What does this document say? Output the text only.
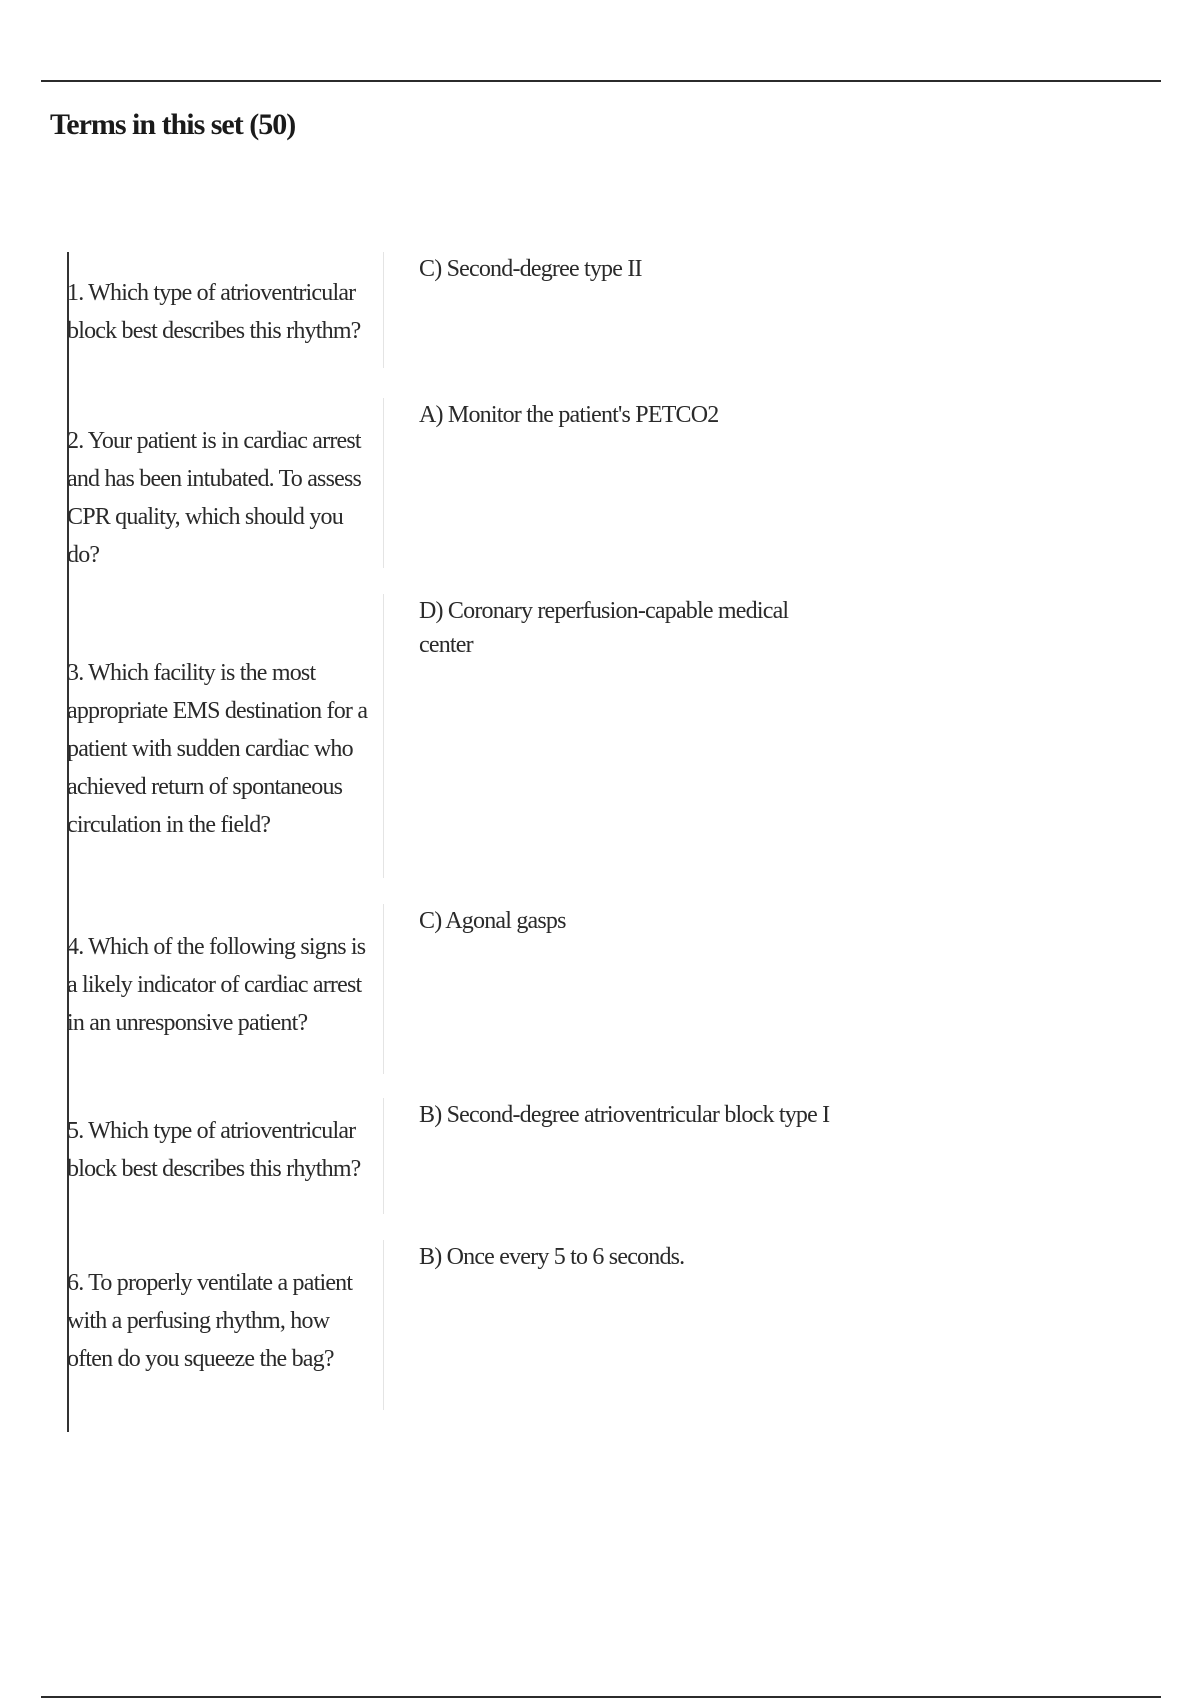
Terms in this set (50)
1. Which type of atrioventricular block best describes this rhythm?
C) Second-degree type II
2. Your patient is in cardiac arrest and has been intubated. To assess CPR quality, which should you do?
A) Monitor the patient's PETCO2
3. Which facility is the most appropriate EMS destination for a patient with sudden cardiac who achieved return of spontaneous circulation in the field?
D) Coronary reperfusion-capable medical center
4. Which of the following signs is a likely indicator of cardiac arrest in an unresponsive patient?
C) Agonal gasps
5. Which type of atrioventricular block best describes this rhythm?
B) Second-degree atrioventricular block type I
6. To properly ventilate a patient with a perfusing rhythm, how often do you squeeze the bag?
B) Once every 5 to 6 seconds.
